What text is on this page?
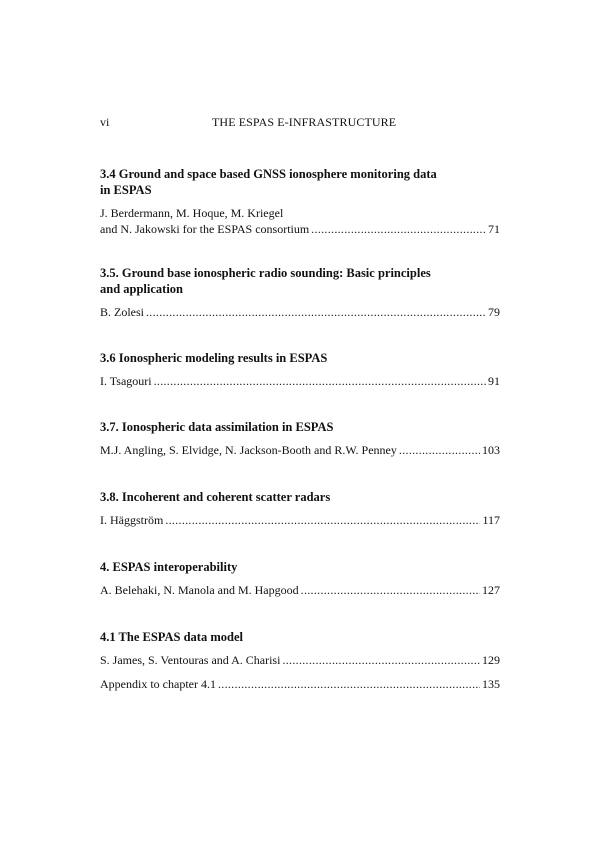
vi	THE ESPAS E-INFRASTRUCTURE
3.4 Ground and space based GNSS ionosphere monitoring data
in ESPAS
J. Berdermann, M. Hoque, M. Kriegel
and N. Jakowski for the ESPAS consortium .....	71
3.5. Ground base ionospheric radio sounding: Basic principles
and application
B. Zolesi .....	79
3.6 Ionospheric modeling results in ESPAS
I. Tsagouri .....	91
3.7. Ionospheric data assimilation in ESPAS
M.J. Angling, S. Elvidge, N. Jackson-Booth and R.W. Penney .....	103
3.8. Incoherent and coherent scatter radars
I. Häggström .....	117
4. ESPAS interoperability
A. Belehaki, N. Manola and M. Hapgood .....	127
4.1 The ESPAS data model
S. James, S. Ventouras and A. Charisi .....	129
Appendix to chapter 4.1 .....	135
